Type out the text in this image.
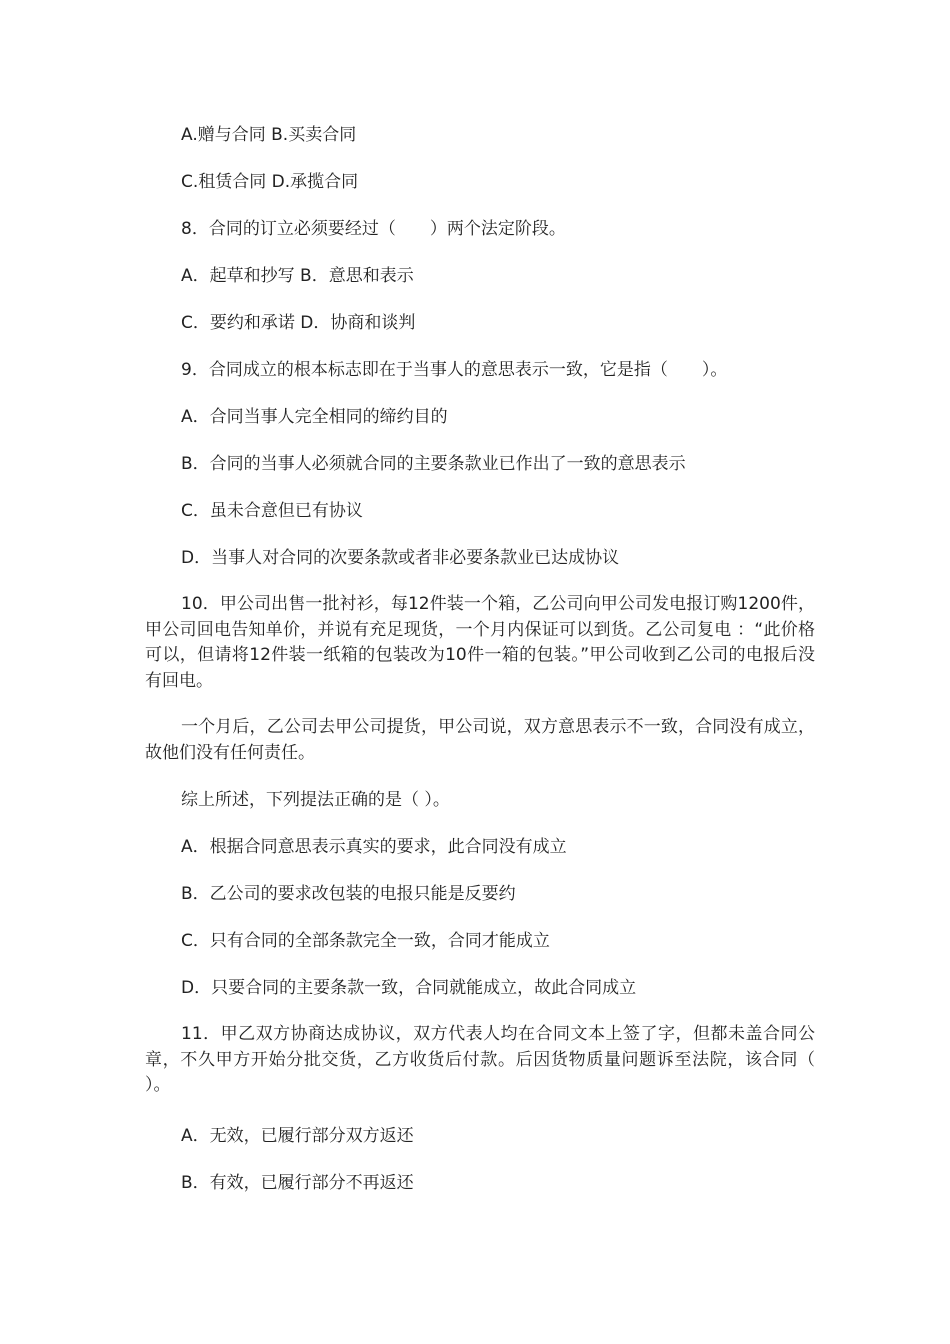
A.赠与合同 B.买卖合同
C.租赁合同 D.承揽合同
8．合同的订立必须要经过（　　）两个法定阶段。
A．起草和抄写 B．意思和表示
C．要约和承诺 D．协商和谈判
9．合同成立的根本标志即在于当事人的意思表示一致，它是指（　　）。
A．合同当事人完全相同的缔约目的
B．合同的当事人必须就合同的主要条款业已作出了一致的意思表示
C．虽未合意但已有协议
D．当事人对合同的次要条款或者非必要条款业已达成协议
10．甲公司出售一批衬衫，每12件装一个箱，乙公司向甲公司发电报订购1200件，甲公司回电告知单价，并说有充足现货，一个月内保证可以到货。乙公司复电 ：“此价格可以，但请将12件装一纸箱的包装改为10件一箱的包装。”甲公司收到乙公司的电报后没有回电。
一个月后，乙公司去甲公司提货，甲公司说，双方意思表示不一致，合同没有成立，故他们没有任何责任。
综上所述，下列提法正确的是（ ）。
A．根据合同意思表示真实的要求，此合同没有成立
B．乙公司的要求改包装的电报只能是反要约
C．只有合同的全部条款完全一致，合同才能成立
D．只要合同的主要条款一致，合同就能成立，故此合同成立
11．甲乙双方协商达成协议，双方代表人均在合同文本上签了字，但都未盖合同公章，不久甲方开始分批交货，乙方收货后付款。后因货物质量问题诉至法院，该合同（ ）。
A．无效，已履行部分双方返还
B．有效，已履行部分不再返还
